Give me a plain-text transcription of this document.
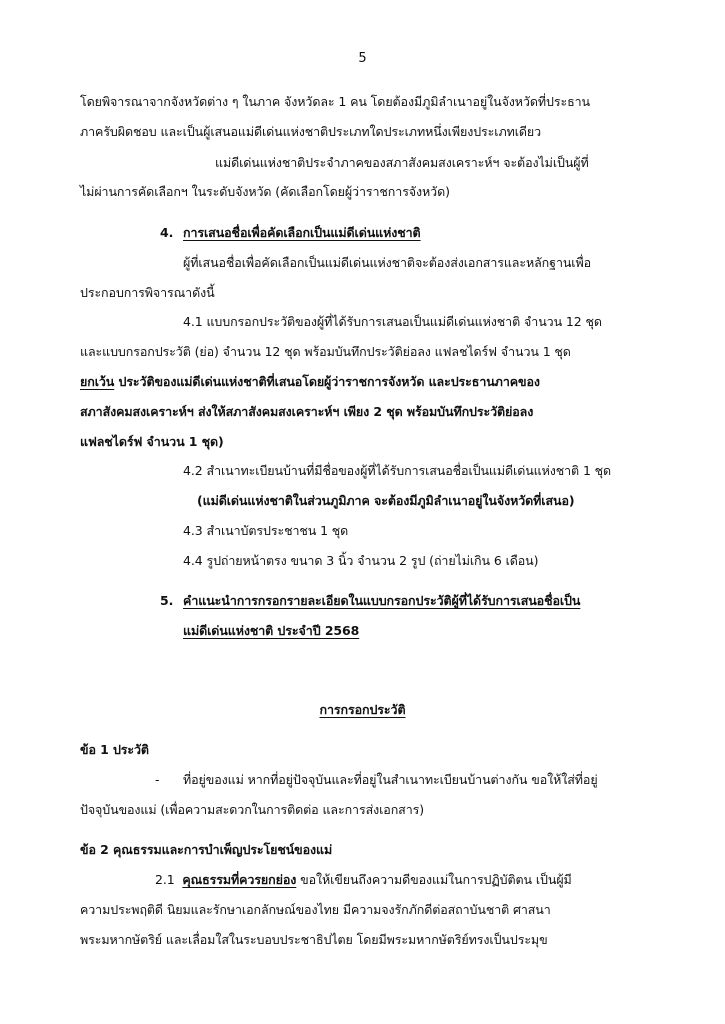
5
โดยพิจารณาจากจังหวัดต่าง ๆ ในภาค จังหวัดละ 1 คน โดยต้องมีภูมิลำเนาอยู่ในจังหวัดที่ประธาน
ภาครับผิดชอบ และเป็นผู้เสนอแม่ดีเด่นแห่งชาติประเภทใดประเภทหนึ่งเพียงประเภทเดียว
แม่ดีเด่นแห่งชาติประจำภาคของสภาสังคมสงเคราะห์ฯ จะต้องไม่เป็นผู้ที่
ไม่ผ่านการคัดเลือกฯ ในระดับจังหวัด (คัดเลือกโดยผู้ว่าราชการจังหวัด)
4. การเสนอชื่อเพื่อคัดเลือกเป็นแม่ดีเด่นแห่งชาติ
ผู้ที่เสนอชื่อเพื่อคัดเลือกเป็นแม่ดีเด่นแห่งชาติจะต้องส่งเอกสารและหลักฐานเพื่อ
ประกอบการพิจารณาดังนี้
4.1 แบบกรอกประวัติของผู้ที่ได้รับการเสนอเป็นแม่ดีเด่นแห่งชาติ จำนวน 12 ชุด
และแบบกรอกประวัติ (ย่อ) จำนวน 12 ชุด พร้อมบันทึกประวัติย่อลง แฟลชไดร์ฟ จำนวน 1 ชุด
ยกเว้น ประวัติของแม่ดีเด่นแห่งชาติที่เสนอโดยผู้ว่าราชการจังหวัด และประธานภาคของ
สภาสังคมสงเคราะห์ฯ ส่งให้สภาสังคมสงเคราะห์ฯ เพียง 2 ชุด พร้อมบันทึกประวัติย่อลง
แฟลชไดร์ฟ จำนวน 1 ชุด)
4.2 สำเนาทะเบียนบ้านที่มีชื่อของผู้ที่ได้รับการเสนอชื่อเป็นแม่ดีเด่นแห่งชาติ 1 ชุด
(แม่ดีเด่นแห่งชาติในส่วนภูมิภาค จะต้องมีภูมิลำเนาอยู่ในจังหวัดที่เสนอ)
4.3 สำเนาบัตรประชาชน 1 ชุด
4.4 รูปถ่ายหน้าตรง ขนาด 3 นิ้ว จำนวน 2 รูป (ถ่ายไม่เกิน 6 เดือน)
5. คำแนะนำการกรอกรายละเอียดในแบบกรอกประวัติผู้ที่ได้รับการเสนอชื่อเป็น
แม่ดีเด่นแห่งชาติ ประจำปี 2568
การกรอกประวัติ
ข้อ 1 ประวัติ
- ที่อยู่ของแม่ หากที่อยู่ปัจจุบันและที่อยู่ในสำเนาทะเบียนบ้านต่างกัน ขอให้ใส่ที่อยู่
ปัจจุบันของแม่ (เพื่อความสะดวกในการติดต่อ และการส่งเอกสาร)
ข้อ 2 คุณธรรมและการบำเพ็ญประโยชน์ของแม่
2.1 คุณธรรมที่ควรยกย่อง ขอให้เขียนถึงความดีของแม่ในการปฏิบัติตน เป็นผู้มี
ความประพฤติดี นิยมและรักษาเอกลักษณ์ของไทย มีความจงรักภักดีต่อสถาบันชาติ ศาสนา
พระมหากษัตริย์ และเลื่อมใสในระบอบประชาธิปไตย โดยมีพระมหากษัตริย์ทรงเป็นประมุข
